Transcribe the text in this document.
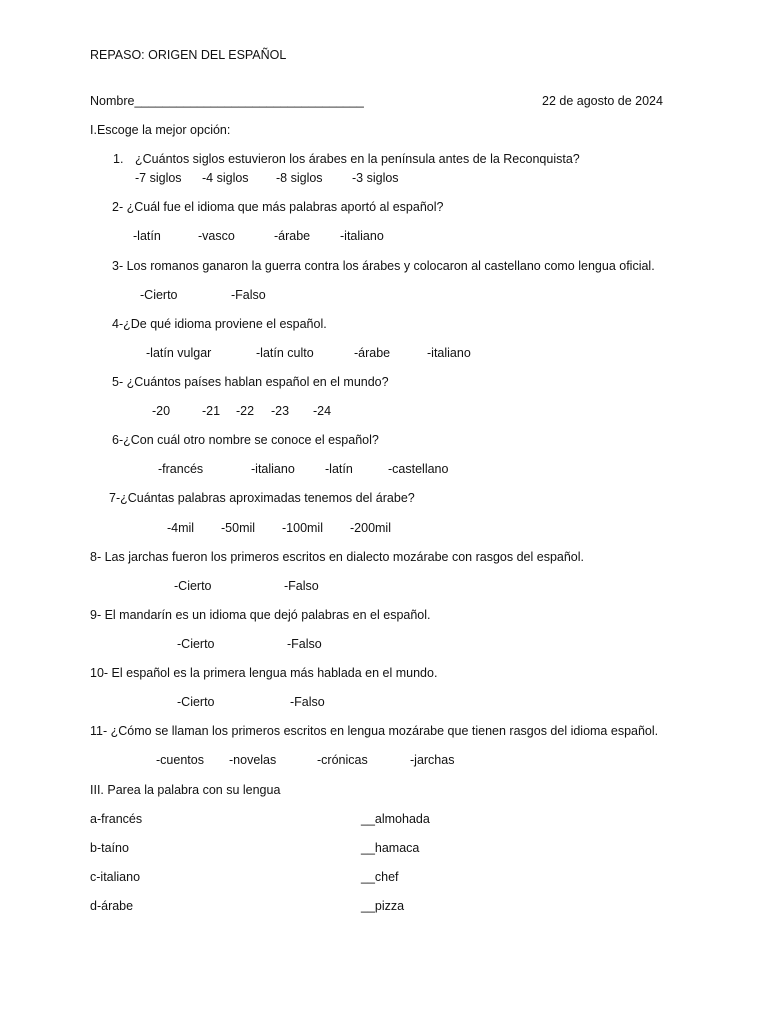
REPASO: ORIGEN DEL ESPAÑOL
Nombre_________________________________	22 de agosto de 2024
I.Escoge la mejor opción:
1. ¿Cuántos siglos estuvieron los árabes en la península antes de la Reconquista?
-7 siglos -4 siglos -8 siglos -3 siglos
2- ¿Cuál fue el idioma que más palabras aportó al español?
-latín	-vasco	-árabe -italiano
3- Los romanos ganaron la guerra contra los árabes y colocaron al castellano como lengua oficial.
-Cierto	-Falso
4-¿De qué idioma proviene el español.
-latín vulgar	-latín culto	-árabe	-italiano
5- ¿Cuántos países hablan español en el mundo?
-20	-21 -22 -23 -24
6-¿Con cuál otro nombre se conoce el español?
-francés	-italiano -latín	-castellano
7-¿Cuántas palabras aproximadas tenemos del árabe?
-4mil -50mil -100mil -200mil
8- Las jarchas fueron los primeros escritos en dialecto mozárabe con rasgos del español.
-Cierto	-Falso
9- El mandarín es un idioma que dejó palabras en el español.
-Cierto	-Falso
10- El español es la primera lengua más hablada en el mundo.
-Cierto	-Falso
11- ¿Cómo se llaman los primeros escritos en lengua mozárabe que tienen rasgos del idioma español.
-cuentos -novelas	-crónicas	-jarchas
III. Parea la palabra con su lengua
a-francés	__almohada
b-taíno	__hamaca
c-italiano	__chef
d-árabe	__pizza
